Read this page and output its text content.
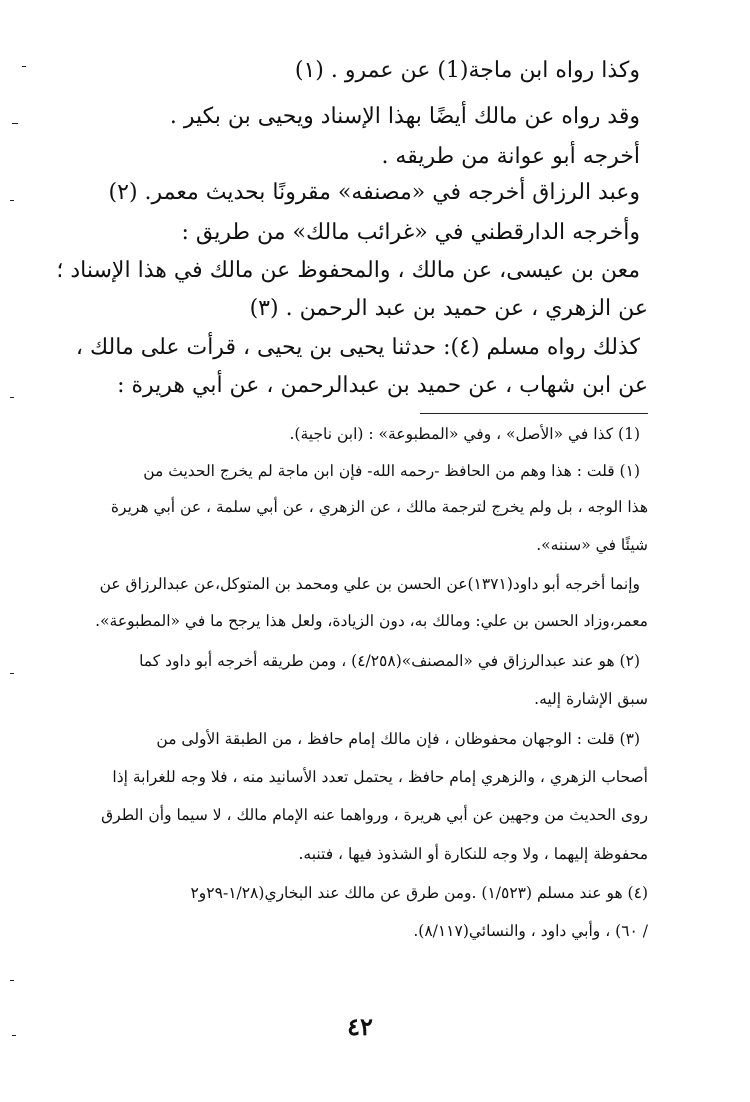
وكذا رواه ابن ماجة(1) عن عمرو . (١)
وقد رواه عن مالك أيضًا بهذا الإسناد ويحيى بن بكير .
أخرجه أبو عوانة من طريقه .
وعبد الرزاق أخرجه في «مصنفه» مقرونًا بحديث معمر. (٢)
وأخرجه الدارقطني في «غرائب مالك» من طريق :
معن بن عيسى، عن مالك ، والمحفوظ عن مالك في هذا الإسناد ؛
عن الزهري ، عن حميد بن عبد الرحمن . (٣)
كذلك رواه مسلم (٤): حدثنا يحيى بن يحيى ، قرأت على مالك ،
عن ابن شهاب ، عن حميد بن عبدالرحمن ، عن أبي هريرة :
(1) كذا في «الأصل» ، وفي «المطبوعة» : (ابن ناجية).
(١) قلت : هذا وهم من الحافظ -رحمه الله- فإن ابن ماجة لم يخرج الحديث من
هذا الوجه ، بل ولم يخرج لترجمة مالك ، عن الزهري ، عن أبي سلمة ، عن أبي هريرة
شيئًا في «سننه».
وإنما أخرجه أبو داود(١٣٧١)عن الحسن بن علي ومحمد بن المتوكل،عن عبدالرزاق عن
معمر،وزاد الحسن بن علي: ومالك به، دون الزيادة، ولعل هذا يرجح ما في «المطبوعة».
(٢) هو عند عبدالرزاق في «المصنف»(٤/٢٥٨) ، ومن طريقه أخرجه أبو داود كما
سبق الإشارة إليه.
(٣) قلت : الوجهان محفوظان ، فإن مالك إمام حافظ ، من الطبقة الأولى من
أصحاب الزهري ، والزهري إمام حافظ ، يحتمل تعدد الأسانيد منه ، فلا وجه للغرابة إذا
روى الحديث من وجهين عن أبي هريرة ، ورواهما عنه الإمام مالك ، لا سيما وأن الطرق
محفوظة إليهما ، ولا وجه للنكارة أو الشذوذ فيها ، فتنبه.
(٤) هو عند مسلم (١/٥٢٣) .ومن طرق عن مالك عند البخاري(١/٢٨-٢٩و٢
/ ٦٠) ، وأبي داود ، والنسائي(٨/١١٧).
٤٢
